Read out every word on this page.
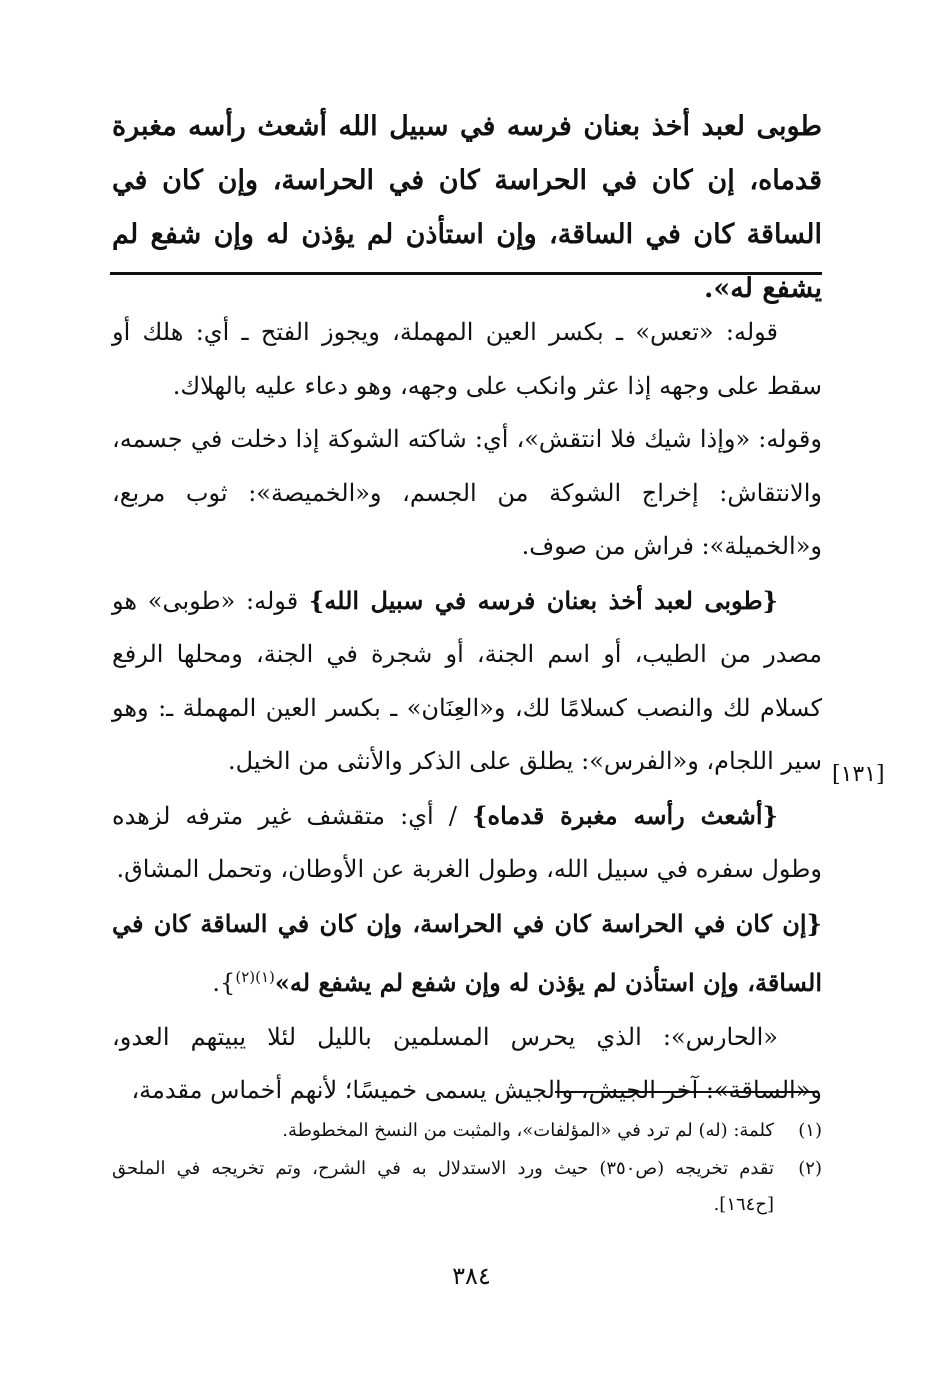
طوبى لعبد أخذ بعنان فرسه في سبيل الله أشعث رأسه مغبرة قدماه، إن كان في الحراسة كان في الحراسة، وإن كان في الساقة كان في الساقة، وإن استأذن لم يؤذن له وإن شفع لم يشفع له».

قوله: «تعس» ـ بكسر العين المهملة، ويجوز الفتح ـ أي: هلك أو سقط على وجهه إذا عثر وانكب على وجهه، وهو دعاء عليه بالهلاك.

وقوله: «وإذا شيك فلا انتقش»، أي: شاكته الشوكة إذا دخلت في جسمه، والانتقاش: إخراج الشوكة من الجسم، و«الخميصة»: ثوب مربع، و«الخميلة»: فراش من صوف.

{طوبى لعبد أخذ بعنان فرسه في سبيل الله} قوله: «طوبى» هو مصدر من الطيب، أو اسم الجنة، أو شجرة في الجنة، ومحلها الرفع كسلام لك والنصب كسلامًا لك، و«العِنَان» ـ بكسر العين المهملة ـ: وهو سير اللجام، و«الفرس»: يطلق على الذكر والأنثى من الخيل.

{أشعث رأسه مغبرة قدماه} / أي: متقشف غير مترفه لزهده وطول سفره في سبيل الله، وطول الغربة عن الأوطان، وتحمل المشاق.

{إن كان في الحراسة كان في الحراسة، وإن كان في الساقة كان في الساقة، وإن استأذن لم يؤذن له وإن شفع لم يشفع له»$^{(١)(٢)}$}.

«الحارس»: الذي يحرس المسلمين بالليل لئلا يبيتهم العدو، و«الساقة»: آخر الجيش، والجيش يسمى خميسًا؛ لأنهم أخماس مقدمة،

[١٣١]
(١)
كلمة: (له) لم ترد في «المؤلفات»، والمثبت من النسخ المخطوطة.
(٢)
تقدم تخريجه (ص٣٥٠) حيث ورد الاستدلال به في الشرح، وتم تخريجه في الملحق [ح١٦٤].
٣٨٤
